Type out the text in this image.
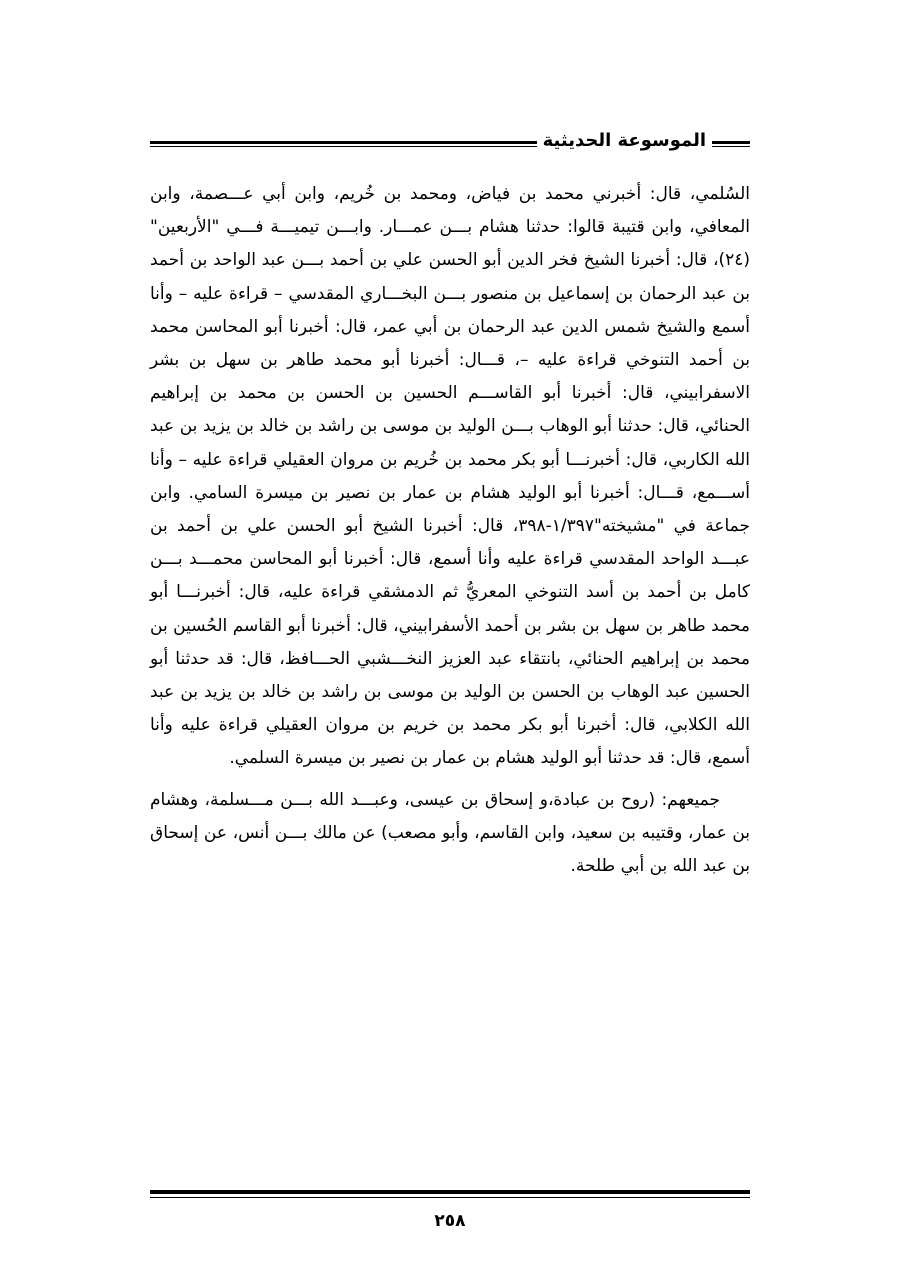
الموسوعة الحديثية

السُلمي، قال: أخبرني محمد بن فياض، ومحمد بن خُريم، وابن أبي عـــصمة، وابن المعافي، وابن قتيبة قالوا: حدثنا هشام بـــن عمـــار. وابـــن تيميـــة فـــي "الأربعين"(٢٤)، قال: أخبرنا الشيخ فخر الدين أبو الحسن علي بن أحمد بـــن عبد الواحد بن أحمد بن عبد الرحمان بن إسماعيل بن منصور بـــن البخـــاري المقدسي – قراءة عليه – وأنا أسمع والشيخ شمس الدين عبد الرحمان بن أبي عمر، قال: أخبرنا أبو المحاسن محمد بن أحمد التنوخي قراءة عليه –، قـــال: أخبرنا أبو محمد طاهر بن سهل بن بشر الاسفرابيني، قال: أخبرنا أبو القاســـم الحسين بن الحسن بن محمد بن إبراهيم الحنائي، قال: حدثنا أبو الوهاب بـــن الوليد بن موسى بن راشد بن خالد بن يزيد بن عبد الله الكاربي، قال: أخبرنـــا أبو بكر محمد بن خُريم بن مروان العقيلي قراءة عليه – وأنا أســـمع، قـــال: أخبرنا أبو الوليد هشام بن عمار بن نصير بن ميسرة السامي. وابن جماعة في "مشيخته"١/٣٩٧-٣٩٨، قال: أخبرنا الشيخ أبو الحسن علي بن أحمد بن عبـــد الواحد المقدسي قراءة عليه وأنا أسمع، قال: أخبرنا أبو المحاسن محمـــد بـــن كامل بن أحمد بن أسد التنوخي المعريُّ ثم الدمشقي قراءة عليه، قال: أخبرنـــا أبو محمد طاهر بن سهل بن بشر بن أحمد الأسفرابيني، قال: أخبرنا أبو القاسم الحُسين بن محمد بن إبراهيم الحنائي، بانتقاء عبد العزيز النخـــشبي الحـــافظ، قال: قد حدثنا أبو الحسين عبد الوهاب بن الحسن بن الوليد بن موسى بن راشد بن خالد بن يزيد بن عبد الله الكلابي، قال: أخبرنا أبو بكر محمد بن خريم بن مروان العقيلي قراءة عليه وأنا أسمع، قال: قد حدثنا أبو الوليد هشام بن عمار بن نصير بن ميسرة السلمي.

جميعهم: (روح بن عبادة،و إسحاق بن عيسى، وعبـــد الله بـــن مـــسلمة، وهشام بن عمار، وقتيبه بن سعيد، وابن القاسم، وأبو مصعب) عن مالك بـــن أنس، عن إسحاق بن عبد الله بن أبي طلحة.

٢٥٨
